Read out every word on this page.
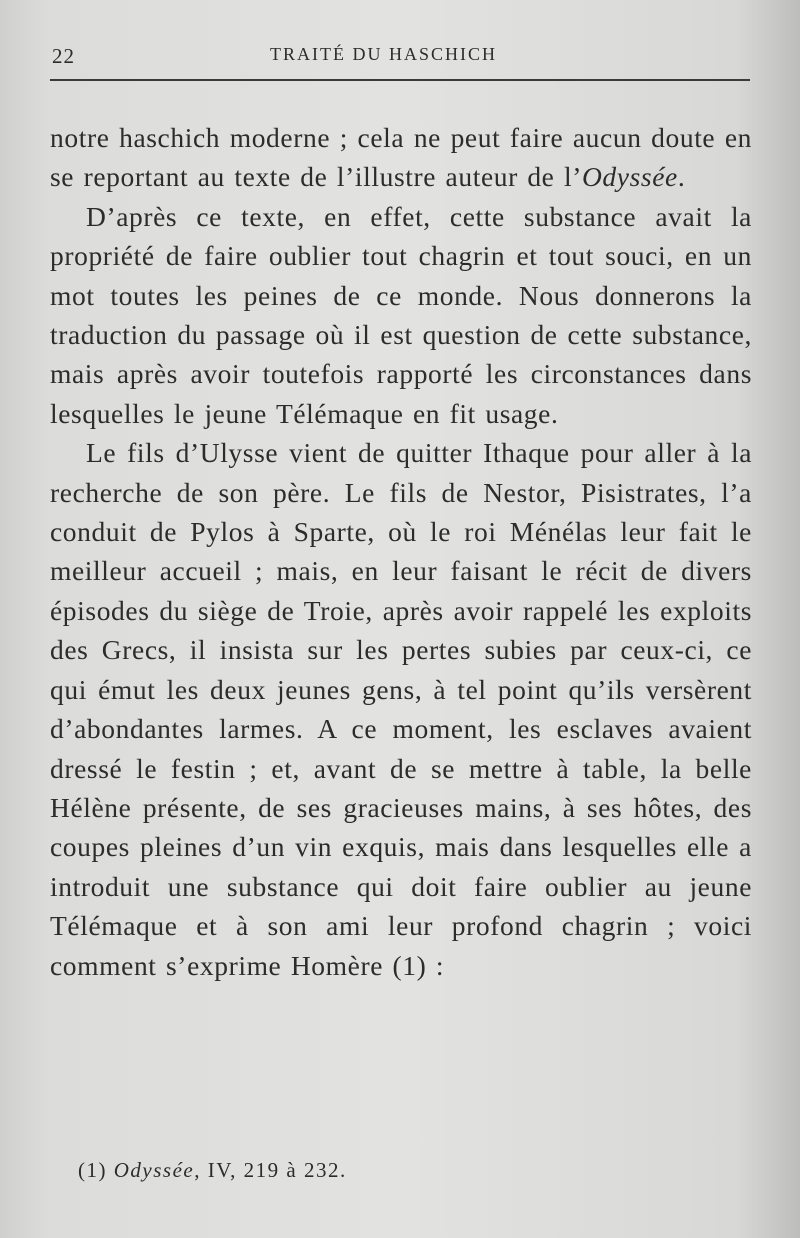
22	TRAITÉ DU HASCHICH

notre haschich moderne ; cela ne peut faire aucun doute en se reportant au texte de l’illustre auteur de l’Odyssée.

D’après ce texte, en effet, cette substance avait la propriété de faire oublier tout chagrin et tout souci, en un mot toutes les peines de ce monde. Nous donnerons la traduction du passage où il est question de cette substance, mais après avoir toutefois rapporté les circonstances dans lesquelles le jeune Télémaque en fit usage.

Le fils d’Ulysse vient de quitter Ithaque pour aller à la recherche de son père. Le fils de Nestor, Pisistrates, l’a conduit de Pylos à Sparte, où le roi Ménélas leur fait le meilleur accueil ; mais, en leur faisant le récit de divers épisodes du siège de Troie, après avoir rappelé les exploits des Grecs, il insista sur les pertes subies par ceux-ci, ce qui émut les deux jeunes gens, à tel point qu’ils versèrent d’abondantes larmes. A ce moment, les esclaves avaient dressé le festin ; et, avant de se mettre à table, la belle Hélène présente, de ses gracieuses mains, à ses hôtes, des coupes pleines d’un vin exquis, mais dans lesquelles elle a introduit une substance qui doit faire oublier au jeune Télémaque et à son ami leur profond chagrin ; voici comment s’exprime Homère (1) :

(1) Odyssée, IV, 219 à 232.
